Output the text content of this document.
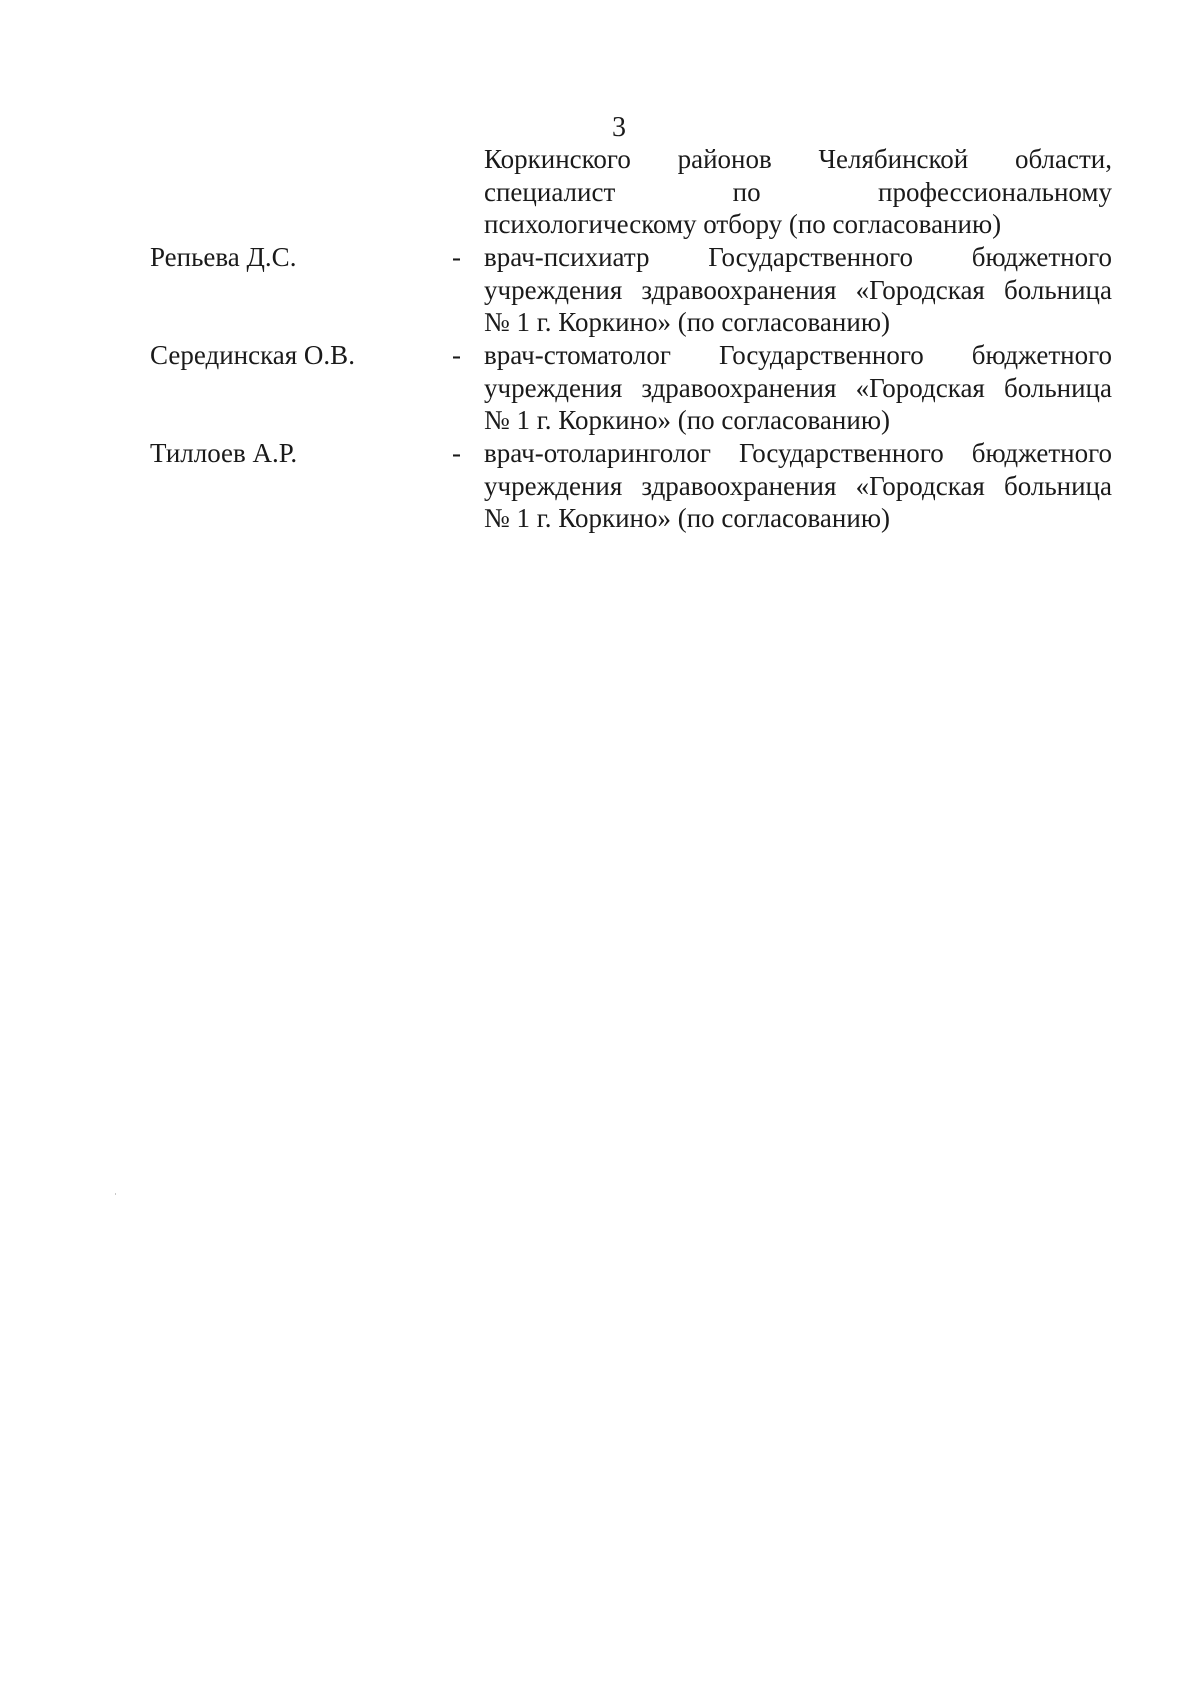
3
Коркинского районов Челябинской области,
специалист по профессиональному
психологическому отбору (по согласованию)
Репьева Д.С.	- врач-психиатр Государственного бюджетного
учреждения здравоохранения «Городская больница
№ 1 г. Коркино» (по согласованию)
Серединская О.В.	- врач-стоматолог Государственного бюджетного
учреждения здравоохранения «Городская больница
№ 1 г. Коркино» (по согласованию)
Тиллоев А.Р.	- врач-отоларинголог Государственного бюджетного
учреждения здравоохранения «Городская больница
№ 1 г. Коркино» (по согласованию)
